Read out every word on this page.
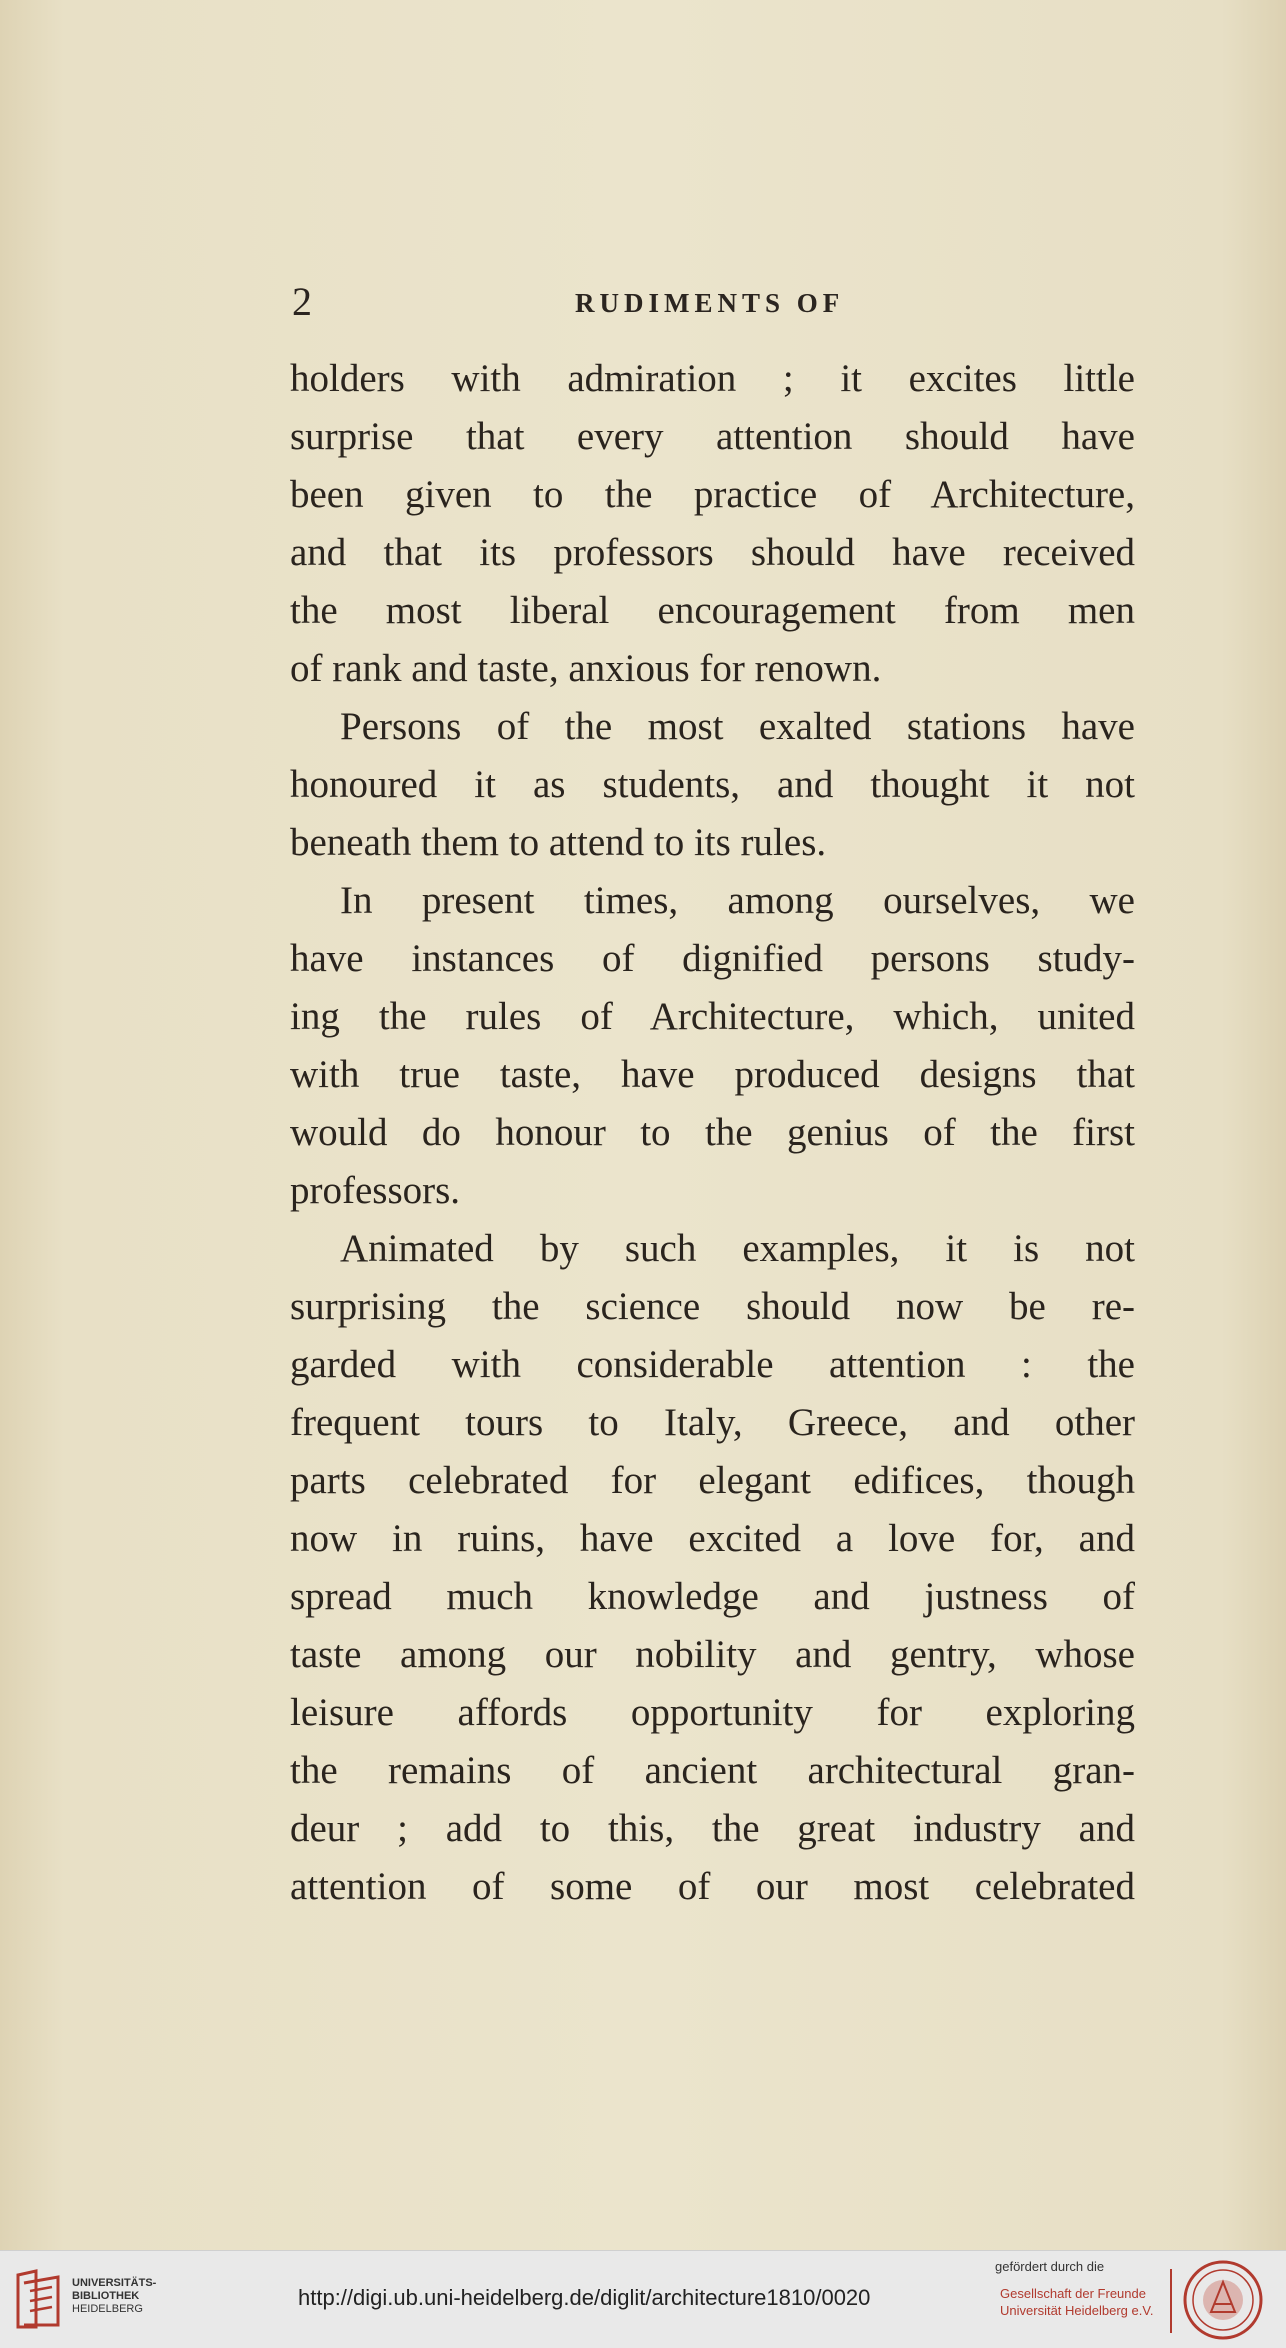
2	RUDIMENTS OF

holders with admiration ; it excites little
surprise that every attention should have
been given to the practice of Architecture,
and that its professors should have received
the most liberal encouragement from men
of rank and taste, anxious for renown.

Persons of the most exalted stations have
honoured it as students, and thought it not
beneath them to attend to its rules.

In present times, among ourselves, we
have instances of dignified persons study-
ing the rules of Architecture, which, united
with true taste, have produced designs that
would do honour to the genius of the first
professors.

Animated by such examples, it is not
surprising the science should now be re-
garded with considerable attention : the
frequent tours to Italy, Greece, and other
parts celebrated for elegant edifices, though
now in ruins, have excited a love for, and
spread much knowledge and justness of
taste among our nobility and gentry, whose
leisure affords opportunity for exploring
the remains of ancient architectural gran-
deur ; add to this, the great industry and
attention of some of our most celebrated

UNIVERSITÄTS-
BIBLIOTHEK
HEIDELBERG	http://digi.ub.uni-heidelberg.de/diglit/architecture1810/0020
gefördert durch die
Gesellschaft der Freunde
Universität Heidelberg e.V.
